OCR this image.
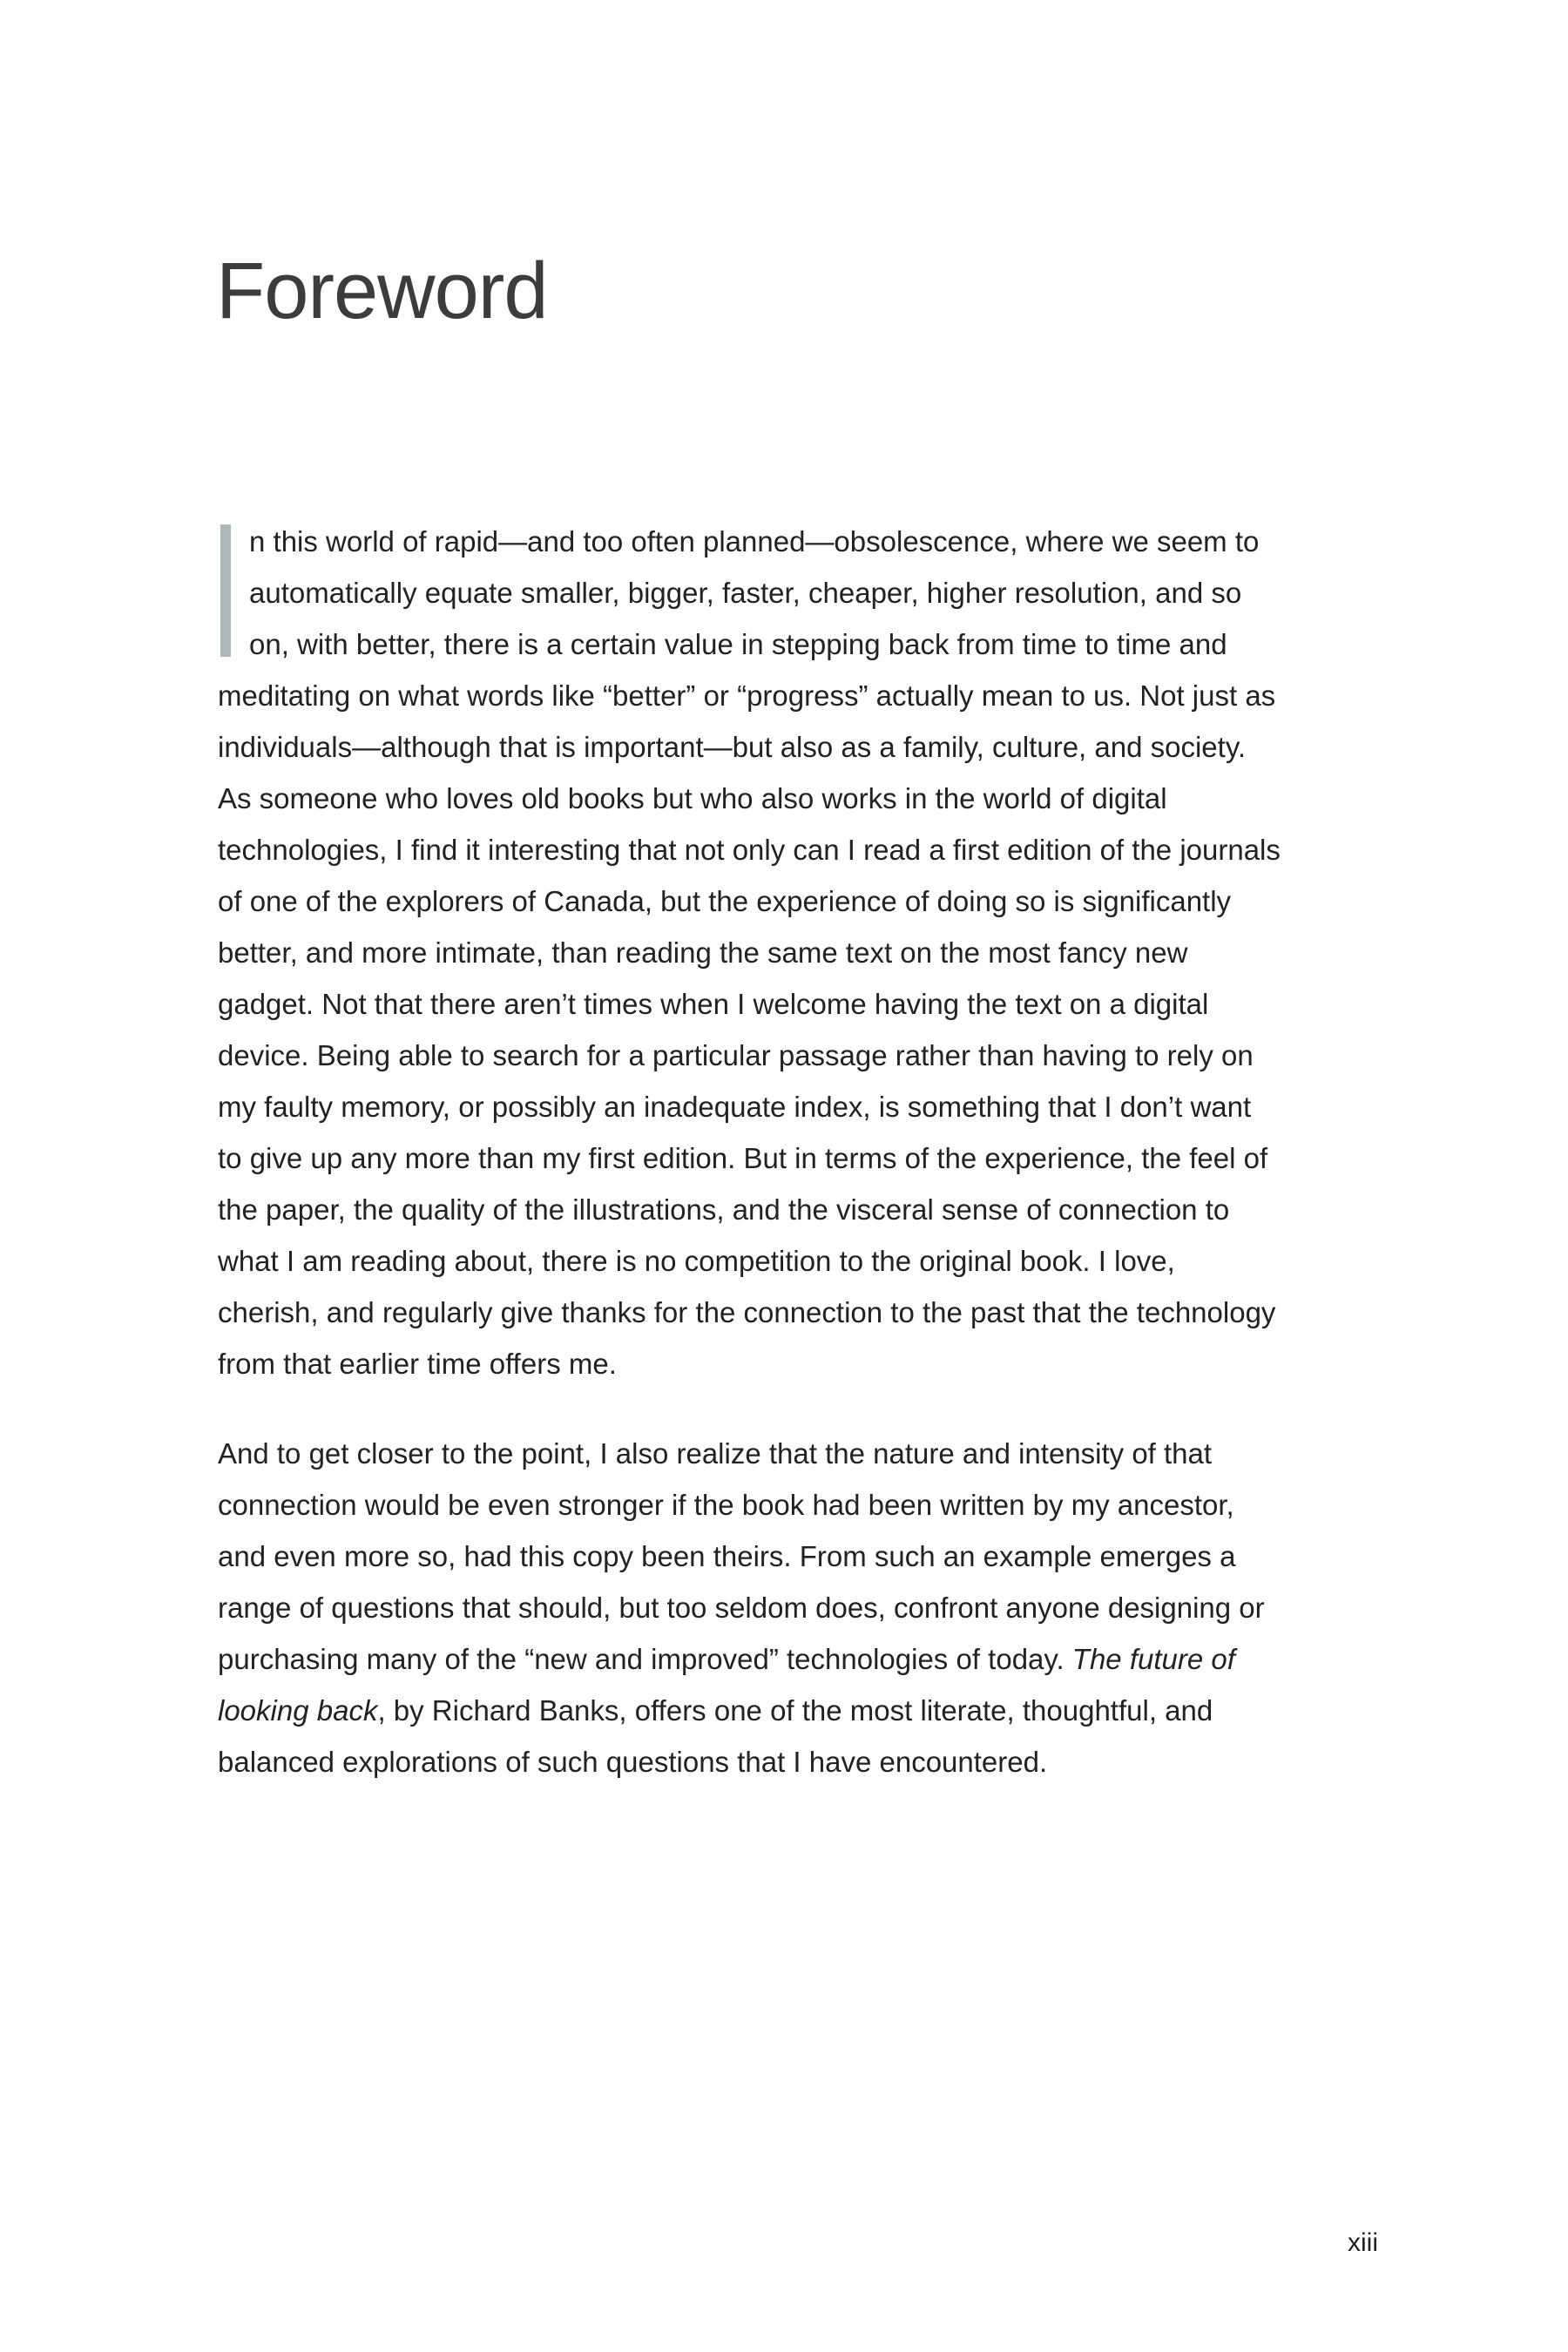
Foreword

n this world of rapid—and too often planned—obsolescence, where we seem to automatically equate smaller, bigger, faster, cheaper, higher resolution, and so on, with better, there is a certain value in stepping back from time to time and meditating on what words like “better” or “progress” actually mean to us. Not just as individuals—although that is important—but also as a family, culture, and society. As someone who loves old books but who also works in the world of digital technologies, I find it interesting that not only can I read a first edition of the journals of one of the explorers of Canada, but the experience of doing so is significantly better, and more intimate, than reading the same text on the most fancy new gadget. Not that there aren’t times when I welcome having the text on a digital device. Being able to search for a particular passage rather than having to rely on my faulty memory, or possibly an inadequate index, is something that I don’t want to give up any more than my first edition. But in terms of the experience, the feel of the paper, the quality of the illustrations, and the visceral sense of connection to what I am reading about, there is no competition to the original book. I love, cherish, and regularly give thanks for the connection to the past that the technology from that earlier time offers me.

And to get closer to the point, I also realize that the nature and intensity of that connection would be even stronger if the book had been written by my ancestor, and even more so, had this copy been theirs. From such an example emerges a range of questions that should, but too seldom does, confront anyone designing or purchasing many of the “new and improved” technologies of today. The future of looking back, by Richard Banks, offers one of the most literate, thoughtful, and balanced explorations of such questions that I have encountered.

xiii
